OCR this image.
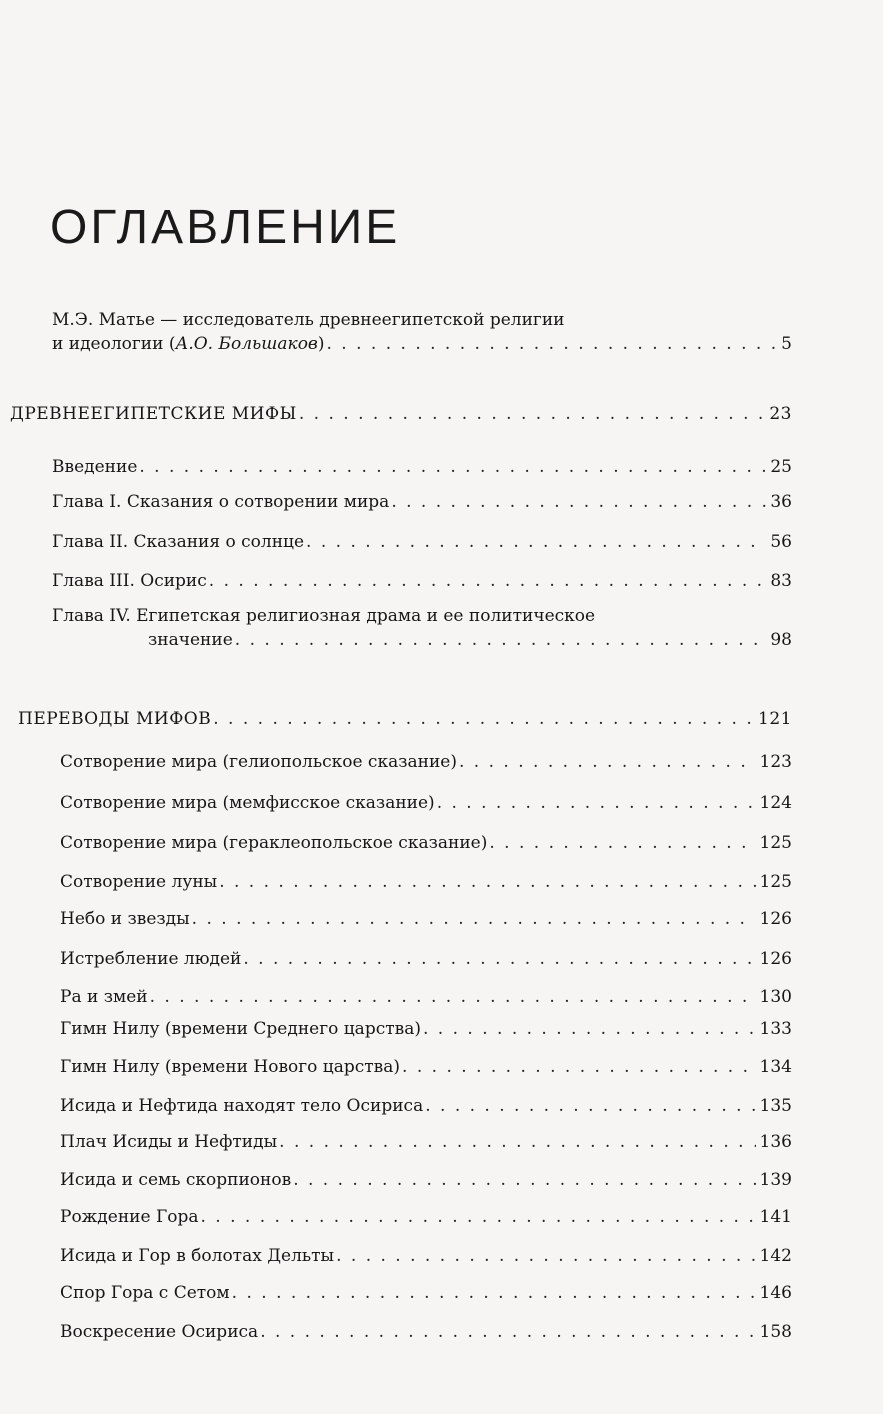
ОГЛАВЛЕНИЕ
М.Э. Матье — исследователь древнеегипетской религии
и идеологии (А.О. Большаков) . . .	5
ДРЕВНЕЕГИПЕТСКИЕ МИФЫ . . .	23
Введение . . .	25
Глава I. Сказания о сотворении мира . . .	36
Глава II. Сказания о солнце . . .	56
Глава III. Осирис . . .	83
Глава IV. Египетская религиозная драма и ее политическое
значение . . .	98
ПЕРЕВОДЫ МИФОВ . . .	121
Сотворение мира (гелиопольское сказание) . . .	123
Сотворение мира (мемфисское сказание) . . .	124
Сотворение мира (гераклеопольское сказание) . . .	125
Сотворение луны . . .	125
Небо и звезды . . .	126
Истребление людей . . .	126
Ра и змей . . .	130
Гимн Нилу (времени Среднего царства) . . .	133
Гимн Нилу (времени Нового царства) . . .	134
Исида и Нефтида находят тело Осириса . . .	135
Плач Исиды и Нефтиды . . .	136
Исида и семь скорпионов . . .	139
Рождение Гора . . .	141
Исида и Гор в болотах Дельты . . .	142
Спор Гора с Сетом . . .	146
Воскресение Осириса . . .	158
